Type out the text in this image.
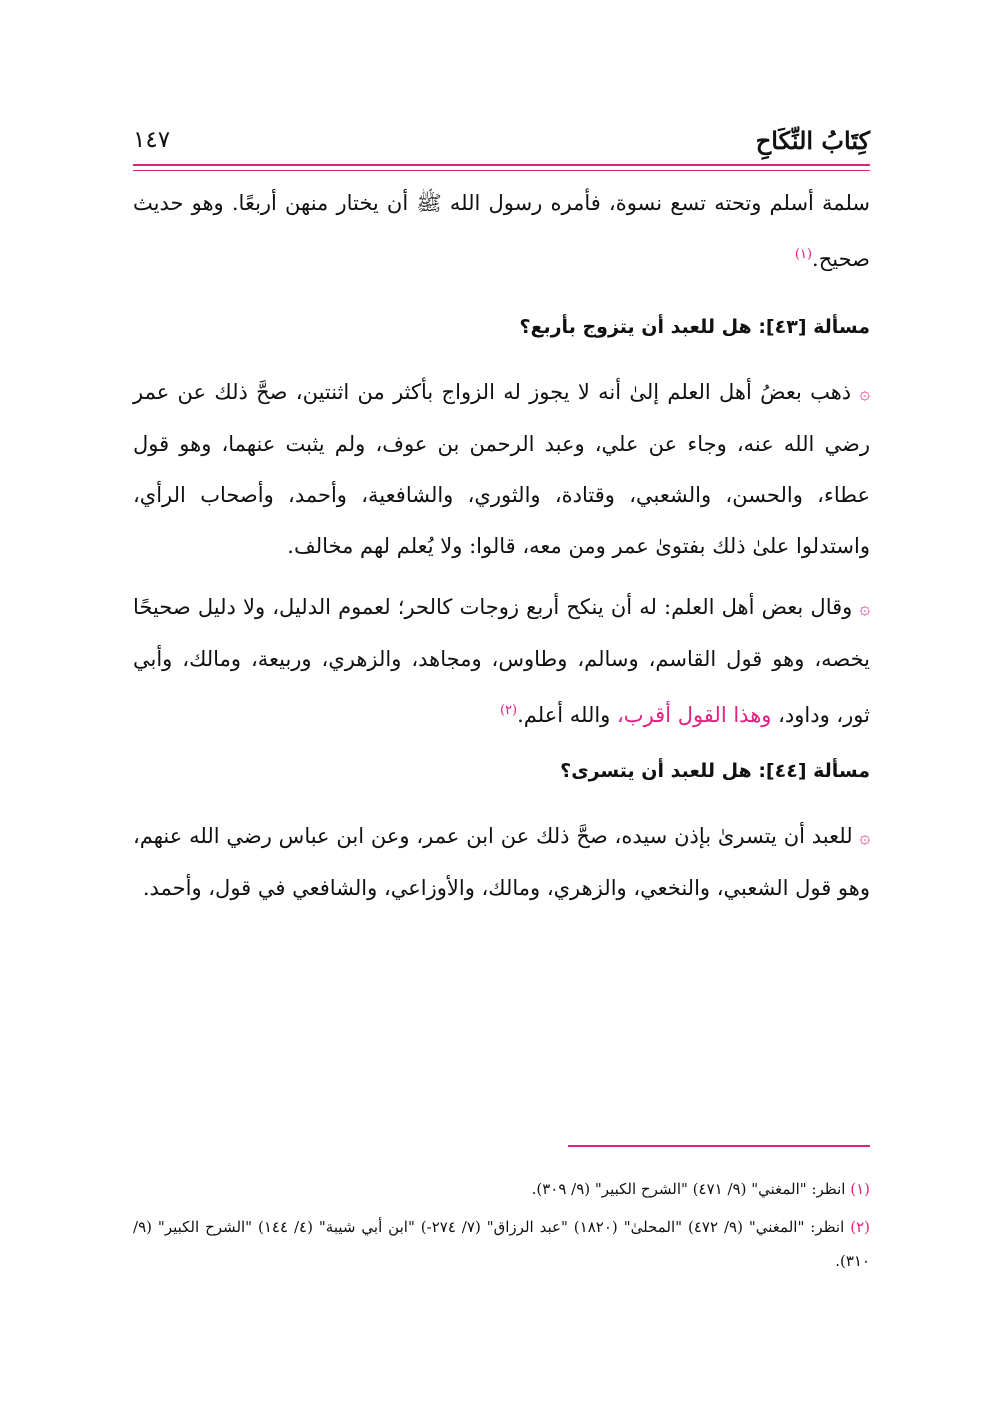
كِتَابُ النِّكَاحِ
١٤٧

سلمة أسلم وتحته تسع نسوة، فأمره رسول الله ﷺ أن يختار منهن أربعًا. وهو حديث صحيح.$^{(١)}$

مسألة [٤٣]: هل للعبد أن يتزوج بأربع؟

۞ ذهب بعضُ أهل العلم إلىٰ أنه لا يجوز له الزواج بأكثر من اثنتين، صحَّ ذلك عن عمر رضي الله عنه، وجاء عن علي، وعبد الرحمن بن عوف، ولم يثبت عنهما، وهو قول عطاء، والحسن، والشعبي، وقتادة، والثوري، والشافعية، وأحمد، وأصحاب الرأي، واستدلوا علىٰ ذلك بفتوىٰ عمر ومن معه، قالوا: ولا يُعلم لهم مخالف.

۞ وقال بعض أهل العلم: له أن ينكح أربع زوجات كالحر؛ لعموم الدليل، ولا دليل صحيحًا يخصه، وهو قول القاسم، وسالم، وطاوس، ومجاهد، والزهري، وربيعة، ومالك، وأبي ثور، وداود، وهذا القول أقرب، والله أعلم.$^{(٢)}$

مسألة [٤٤]: هل للعبد أن يتسرى؟

۞ للعبد أن يتسرىٰ بإذن سيده، صحَّ ذلك عن ابن عمر، وعن ابن عباس رضي الله عنهم، وهو قول الشعبي، والنخعي، والزهري، ومالك، والأوزاعي، والشافعي في قول، وأحمد.

(١) انظر: "المغني" (٩/ ٤٧١) "الشرح الكبير" (٩/ ٣٠٩).

(٢) انظر: "المغني" (٩/ ٤٧٢) "المحلىٰ" (١٨٢٠) "عبد الرزاق" (٧/ ٢٧٤-) "ابن أبي شيبة" (٤/ ١٤٤) "الشرح الكبير" (٩/ ٣١٠).
